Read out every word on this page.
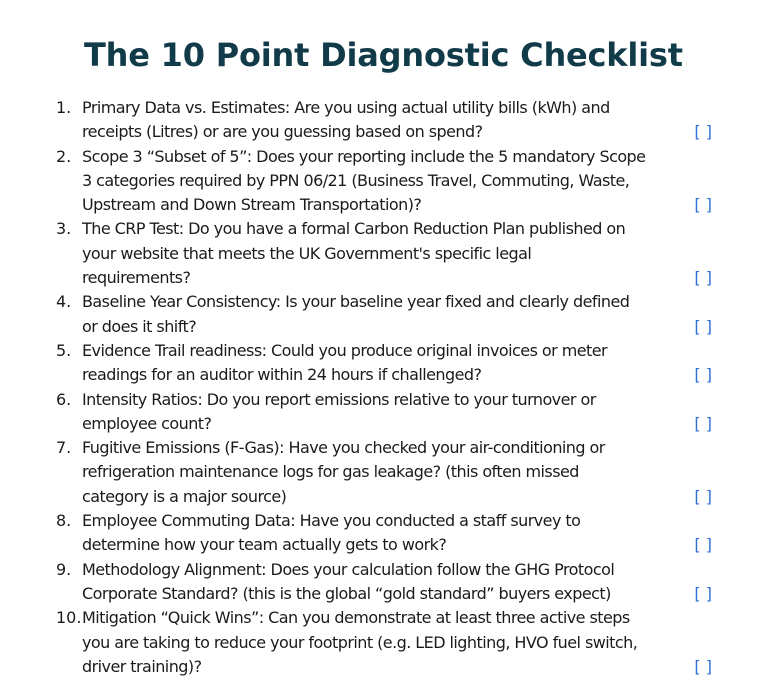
The 10 Point Diagnostic Checklist
1. Primary Data vs. Estimates: Are you using actual utility bills (kWh) and
receipts (Litres) or are you guessing based on spend?	[ ]
2. Scope 3 “Subset of 5”: Does your reporting include the 5 mandatory Scope
3 categories required by PPN 06/21 (Business Travel, Commuting, Waste,
Upstream and Down Stream Transportation)?	[ ]
3. The CRP Test: Do you have a formal Carbon Reduction Plan published on
your website that meets the UK Government's specific legal
requirements?	[ ]
4. Baseline Year Consistency: Is your baseline year fixed and clearly defined
or does it shift?	[ ]
5. Evidence Trail readiness: Could you produce original invoices or meter
readings for an auditor within 24 hours if challenged?	[ ]
6. Intensity Ratios: Do you report emissions relative to your turnover or
employee count?	[ ]
7. Fugitive Emissions (F-Gas): Have you checked your air-conditioning or
refrigeration maintenance logs for gas leakage? (this often missed
category is a major source)	[ ]
8. Employee Commuting Data: Have you conducted a staff survey to
determine how your team actually gets to work?	[ ]
9. Methodology Alignment: Does your calculation follow the GHG Protocol
Corporate Standard? (this is the global “gold standard” buyers expect)	[ ]
10. Mitigation “Quick Wins”: Can you demonstrate at least three active steps
you are taking to reduce your footprint (e.g. LED lighting, HVO fuel switch,
driver training)?	[ ]
